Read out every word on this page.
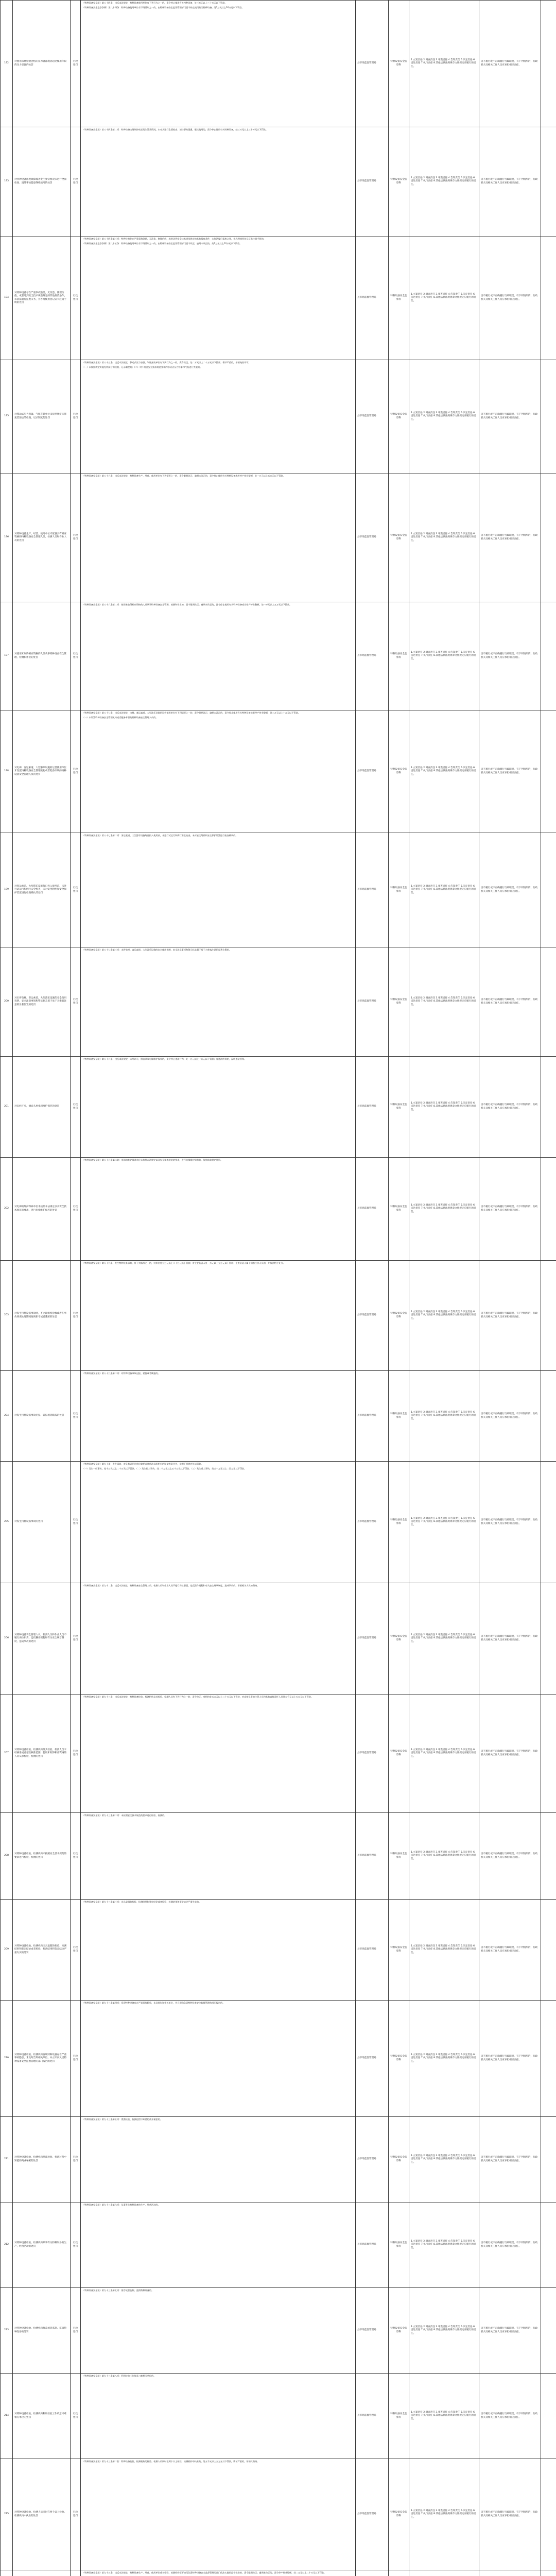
192	对使用未经检验合格的压力容器或者超过使用年限的压力容器的处罚	行政处罚	《特种设备安全法》第八十四条：违反本法规定，特种设备使用单位有下列行为之一的，责令停止使用有关特种设备，处三万元以上三十万元以下罚款。

《特种设备安全监察条例》第八十四条：特种设备使用单位有下列情形之一的，由特种设备安全监督管理部门责令停止使用有关特种设备，处3万元以上30万元以下罚款。	县市场监督管理局	特种设备安全监察科	1.立案责任 2.调查责任 3.审查责任 4.告知责任 5.决定责任 6.送达责任 7.执行责任 8.其他法律法规规章文件规定应履行的责任。	因不履行或不正确履行行政职责，有下列情形的，行政机关及相关工作人员应承担相应责任。	
193	对特种设备出现故障或者发生异常情况未进行全面检查、消除事故隐患继续使用的处罚	行政处罚	《特种设备安全法》第八十四条第二项：特种设备出现故障或者发生异常情况，未对其进行全面检查、消除事故隐患，继续使用的，责令停止使用有关特种设备，处三万元以上三十万元以下罚款。	县市场监督管理局	特种设备安全监察科	1.立案责任 2.调查责任 3.审查责任 4.告知责任 5.决定责任 6.送达责任 7.执行责任 8.其他法律法规规章文件规定应履行的责任。	因不履行或不正确履行行政职责，有下列情形的，行政机关及相关工作人员应承担相应责任。	
194	对特种设备存在严重事故隐患，无改造、修理价值，或者达到安全技术规范规定的其他报废条件，未依法履行报废义务，并办理使用登记证书注销手续的处罚	行政处罚	《特种设备安全法》第八十四条第三项：特种设备存在严重事故隐患，无改造、修理价值，或者达到安全技术规范规定的其他报废条件，未依法履行报废义务，并办理使用登记证书注销手续的。

《特种设备安全监察条例》第八十五条：特种设备使用单位有下列情形之一的，由特种设备安全监督管理部门责令改正；逾期未改正的，处2万元以上10万元以下罚款。	县市场监督管理局	特种设备安全监察科	1.立案责任 2.调查责任 3.审查责任 4.告知责任 5.决定责任 6.送达责任 7.执行责任 8.其他法律法规规章文件规定应履行的责任。	因不履行或不正确履行行政职责，有下列情形的，行政机关及相关工作人员应承担相应责任。	
195	对移动式压力容器、气瓶充装单位未按照规定实施充装前后的检查、记录制度的处罚	行政处罚	《特种设备安全法》第八十五条：违反本法规定，移动式压力容器、气瓶充装单位有下列行为之一的，责令改正，处二万元以上二十万元以下罚款；情节严重的，吊销充装许可。

（一）未按照规定实施充装前后的检查、记录制度的；（二）对不符合安全技术规范要求的移动式压力容器和气瓶进行充装的。	县市场监督管理局	特种设备安全监察科	1.立案责任 2.调查责任 3.审查责任 4.告知责任 5.决定责任 6.送达责任 7.执行责任 8.其他法律法规规章文件规定应履行的责任。	因不履行或不正确履行行政职责，有下列情形的，行政机关及相关工作人员应承担相应责任。	
196	对特种设备生产、经营、使用单位未配备具有相应资格的特种设备安全管理人员、检测人员和作业人员的处罚	行政处罚	《特种设备安全法》第八十六条：违反本法规定，特种设备生产、经营、使用单位有下列情形之一的，责令限期改正；逾期未改正的，责令停止使用有关特种设备或者停产停业整顿，处一万元以上五万元以下罚款。	县市场监督管理局	特种设备安全监察科	1.立案责任 2.调查责任 3.审查责任 4.告知责任 5.决定责任 6.送达责任 7.执行责任 8.其他法律法规规章文件规定应履行的责任。	因不履行或不正确履行行政职责，有下列情形的，行政机关及相关工作人员应承担相应责任。	
197	对使用未取得相应资格的人员从事特种设备安全管理、检测和作业的处罚	行政处罚	《特种设备安全法》第八十六条第二项：使用未取得相应资格的人员从事特种设备安全管理、检测和作业的，责令限期改正；逾期未改正的，责令停止使用有关特种设备或者停产停业整顿，处一万元以上五万元以下罚款。	县市场监督管理局	特种设备安全监察科	1.立案责任 2.调查责任 3.审查责任 4.告知责任 5.决定责任 6.送达责任 7.执行责任 8.其他法律法规规章文件规定应履行的责任。	因不履行或不正确履行行政职责，有下列情形的，行政机关及相关工作人员应承担相应责任。	
198	对电梯、客运索道、大型游乐设施的运营使用单位未设置特种设备安全管理机构或者配备专职的特种设备安全管理人员的处罚	行政处罚	《特种设备安全法》第八十七条：违反本法规定，电梯、客运索道、大型游乐设施的运营使用单位有下列情形之一的，责令限期改正；逾期未改正的，责令停止使用有关特种设备或者停产停业整顿，处二万元以上十万元以下罚款。

（一）未设置特种设备安全管理机构或者配备专职的特种设备安全管理人员的。	县市场监督管理局	特种设备安全监察科	1.立案责任 2.调查责任 3.审查责任 4.告知责任 5.决定责任 6.送达责任 7.执行责任 8.其他法律法规规章文件规定应履行的责任。	因不履行或不正确履行行政职责，有下列情形的，行政机关及相关工作人员应承担相应责任。	
199	对客运索道、大型游乐设施每日投入使用前，未进行试运行和例行安全检查，未对安全附件和安全保护装置进行检查确认的处罚	行政处罚	《特种设备安全法》第八十七条第二项：客运索道、大型游乐设施每日投入使用前，未进行试运行和例行安全检查，未对安全附件和安全保护装置进行检查确认的。	县市场监督管理局	特种设备安全监察科	1.立案责任 2.调查责任 3.审查责任 4.告知责任 5.决定责任 6.送达责任 7.执行责任 8.其他法律法规规章文件规定应履行的责任。	因不履行或不正确履行行政职责，有下列情形的，行政机关及相关工作人员应承担相应责任。	
200	对未将电梯、客运索道、大型游乐设施的安全使用说明、安全注意事项和警示标志置于易于为乘客注意的显著位置的处罚	行政处罚	《特种设备安全法》第八十七条第三项：未将电梯、客运索道、大型游乐设施的安全使用说明、安全注意事项和警示标志置于易于为乘客注意的显著位置的。	县市场监督管理局	特种设备安全监察科	1.立案责任 2.调查责任 3.审查责任 4.告知责任 5.决定责任 6.送达责任 7.执行责任 8.其他法律法规规章文件规定应履行的责任。	因不履行或不正确履行行政职责，有下列情形的，行政机关及相关工作人员应承担相应责任。	
201	对未经许可，擅自从事电梯维护保养的处罚	行政处罚	《特种设备安全法》第八十八条：违反本法规定，未经许可，擅自从事电梯维护保养的，责令停止违法行为，处一万元以上十万元以下罚款；有违法所得的，没收违法所得。	县市场监督管理局	特种设备安全监察科	1.立案责任 2.调查责任 3.审查责任 4.告知责任 5.决定责任 6.送达责任 7.执行责任 8.其他法律法规规章文件规定应履行的责任。	因不履行或不正确履行行政职责，有下列情形的，行政机关及相关工作人员应承担相应责任。	
202	对电梯的维护保养单位未按照本法规定以及安全技术规范的要求，进行电梯维护保养的处罚	行政处罚	《特种设备安全法》第八十八条第二款：电梯的维护保养单位未按照本法规定以及安全技术规范的要求，进行电梯维护保养的，依照前款规定处罚。	县市场监督管理局	特种设备安全监察科	1.立案责任 2.调查责任 3.审查责任 4.告知责任 5.决定责任 6.送达责任 7.执行责任 8.其他法律法规规章文件规定应履行的责任。	因不履行或不正确履行行政职责，有下列情形的，行政机关及相关工作人员应承担相应责任。	
203	对发生特种设备事故时，不立即组织抢救或者在事故调查处理期间擅离职守或者逃匿的处罚	行政处罚	《特种设备安全法》第八十九条：发生特种设备事故，有下列情形之一的，对单位处五万元以上二十万元以下罚款；对主要负责人处一万元以上五万元以下罚款；主要负责人属于国家工作人员的，并依法给予处分。	县市场监督管理局	特种设备安全监察科	1.立案责任 2.调查责任 3.审查责任 4.告知责任 5.决定责任 6.送达责任 7.执行责任 8.其他法律法规规章文件规定应履行的责任。	因不履行或不正确履行行政职责，有下列情形的，行政机关及相关工作人员应承担相应责任。	
204	对发生特种设备事故迟报、谎报或者瞒报的处罚	行政处罚	《特种设备安全法》第八十九条第二项：对特种设备事故迟报、谎报或者瞒报的。	县市场监督管理局	特种设备安全监察科	1.立案责任 2.调查责任 3.审查责任 4.告知责任 5.决定责任 6.送达责任 7.执行责任 8.其他法律法规规章文件规定应履行的责任。	因不履行或不正确履行行政职责，有下列情形的，行政机关及相关工作人员应承担相应责任。	
205	对发生特种设备事故的处罚	行政处罚	《特种设备安全法》第九十条：发生事故，对负有责任的单位除要求其依法承担相应的赔偿等责任外，依照下列规定处以罚款。

（一）发生一般事故，处十万元以上二十万元以下罚款；（二）发生较大事故，处二十万元以上五十万元以下罚款；（三）发生重大事故，处五十万元以上二百万元以下罚款。	县市场监督管理局	特种设备安全监察科	1.立案责任 2.调查责任 3.审查责任 4.告知责任 5.决定责任 6.送达责任 7.执行责任 8.其他法律法规规章文件规定应履行的责任。	因不履行或不正确履行行政职责，有下列情形的，行政机关及相关工作人员应承担相应责任。	
206	对特种设备安全管理人员、检测人员和作业人员不履行岗位职责，违反操作规程和有关安全规章制度，造成事故的处罚	行政处罚	《特种设备安全法》第九十二条：违反本法规定，特种设备安全管理人员、检测人员和作业人员不履行岗位职责，违反操作规程和有关安全规章制度，造成事故的，吊销相关人员的资格。	县市场监督管理局	特种设备安全监察科	1.立案责任 2.调查责任 3.审查责任 4.告知责任 5.决定责任 6.送达责任 7.执行责任 8.其他法律法规规章文件规定应履行的责任。	因不履行或不正确履行行政职责，有下列情形的，行政机关及相关工作人员应承担相应责任。	
207	对特种设备检验、检测机构及其检验、检测人员未经核准或者超出核准范围、使用未取得相应资格的人员从事检验、检测的处罚	行政处罚	《特种设备安全法》第九十三条：违反本法规定，特种设备检验、检测机构及其检验、检测人员有下列行为之一的，责令改正，对机构处五万元以上二十万元以下罚款，对直接负责的主管人员和其他直接责任人员处五千元以上五万元以下罚款。	县市场监督管理局	特种设备安全监察科	1.立案责任 2.调查责任 3.审查责任 4.告知责任 5.决定责任 6.送达责任 7.执行责任 8.其他法律法规规章文件规定应履行的责任。	因不履行或不正确履行行政职责，有下列情形的，行政机关及相关工作人员应承担相应责任。	
208	对特种设备检验、检测机构未按照安全技术规范的要求进行检验、检测的处罚	行政处罚	《特种设备安全法》第九十三条第二项：未按照安全技术规范的要求进行检验、检测的。	县市场监督管理局	特种设备安全监察科	1.立案责任 2.调查责任 3.审查责任 4.告知责任 5.决定责任 6.送达责任 7.执行责任 8.其他法律法规规章文件规定应履行的责任。	因不履行或不正确履行行政职责，有下列情形的，行政机关及相关工作人员应承担相应责任。	
209	对特种设备检验、检测机构出具虚假的检验、检测结果和鉴定结论或者检验、检测结果和鉴定结论严重失实的处罚	行政处罚	《特种设备安全法》第九十三条第三项：出具虚假的检验、检测结果和鉴定结论或者检验、检测结果和鉴定结论严重失实的。	县市场监督管理局	特种设备安全监察科	1.立案责任 2.调查责任 3.审查责任 4.告知责任 5.决定责任 6.送达责任 7.执行责任 8.其他法律法规规章文件规定应履行的责任。	因不履行或不正确履行行政职责，有下列情形的，行政机关及相关工作人员应承担相应责任。	
210	对特种设备检验、检测机构发现特种设备存在严重事故隐患，未及时告知相关单位，并立即向负责特种设备安全监督管理的部门报告的处罚	行政处罚	《特种设备安全法》第九十三条第四项：发现特种设备存在严重事故隐患，未及时告知相关单位，并立即向负责特种设备安全监督管理的部门报告的。	县市场监督管理局	特种设备安全监察科	1.立案责任 2.调查责任 3.审查责任 4.告知责任 5.决定责任 6.送达责任 7.执行责任 8.其他法律法规规章文件规定应履行的责任。	因不履行或不正确履行行政职责，有下列情形的，行政机关及相关工作人员应承担相应责任。	
211	对特种设备检验、检测机构泄露检验、检测过程中知悉的商业秘密的处罚	行政处罚	《特种设备安全法》第九十三条第五项：泄露检验、检测过程中知悉的商业秘密的。	县市场监督管理局	特种设备安全监察科	1.立案责任 2.调查责任 3.审查责任 4.告知责任 5.决定责任 6.送达责任 7.执行责任 8.其他法律法规规章文件规定应履行的责任。	因不履行或不正确履行行政职责，有下列情形的，行政机关及相关工作人员应承担相应责任。	
212	对特种设备检验、检测机构从事有关特种设备的生产、经营活动的处罚	行政处罚	《特种设备安全法》第九十三条第六项：从事有关特种设备的生产、经营活动的。	县市场监督管理局	特种设备安全监察科	1.立案责任 2.调查责任 3.审查责任 4.告知责任 5.决定责任 6.送达责任 7.执行责任 8.其他法律法规规章文件规定应履行的责任。	因不履行或不正确履行行政职责，有下列情形的，行政机关及相关工作人员应承担相应责任。	
213	对特种设备检验、检测机构推荐或者监制、监销特种设备的处罚	行政处罚	《特种设备安全法》第九十三条第七项：推荐或者监制、监销特种设备的。	县市场监督管理局	特种设备安全监察科	1.立案责任 2.调查责任 3.审查责任 4.告知责任 5.决定责任 6.送达责任 7.执行责任 8.其他法律法规规章文件规定应履行的责任。	因不履行或不正确履行行政职责，有下列情形的，行政机关及相关工作人员应承担相应责任。	
214	对特种设备检验、检测机构利用检验工作故意刁难相关单位的处罚	行政处罚	《特种设备安全法》第九十三条第八项：利用检验工作故意刁难相关单位的。	县市场监督管理局	特种设备安全监察科	1.立案责任 2.调查责任 3.审查责任 4.告知责任 5.决定责任 6.送达责任 7.执行责任 8.其他法律法规规章文件规定应履行的责任。	因不履行或不正确履行行政职责，有下列情形的，行政机关及相关工作人员应承担相应责任。	
215	对特种设备检验、检测人员同时在两个以上检验、检测机构中执业的处罚	行政处罚	《特种设备安全法》第九十三条第二款：特种设备检验、检测机构的检验、检测人员同时在两个以上检验、检测机构中执业的，处五千元以上五万元以下罚款，情节严重的，吊销其资格。	县市场监督管理局	特种设备安全监察科	1.立案责任 2.调查责任 3.审查责任 4.告知责任 5.决定责任 6.送达责任 7.执行责任 8.其他法律法规规章文件规定应履行的责任。	因不履行或不正确履行行政职责，有下列情形的，行政机关及相关工作人员应承担相应责任。	

《特种设备安全法》第九十五条：违反本法规定，特种设备生产、经营、使用单位或者检验、检测机构拒不接受负责特种设备安全监督管理的部门依法实施的监督检查的，责令限期改正；逾期未改正的，责令停产停业整顿，处二万元以上二十万元以下罚款。
